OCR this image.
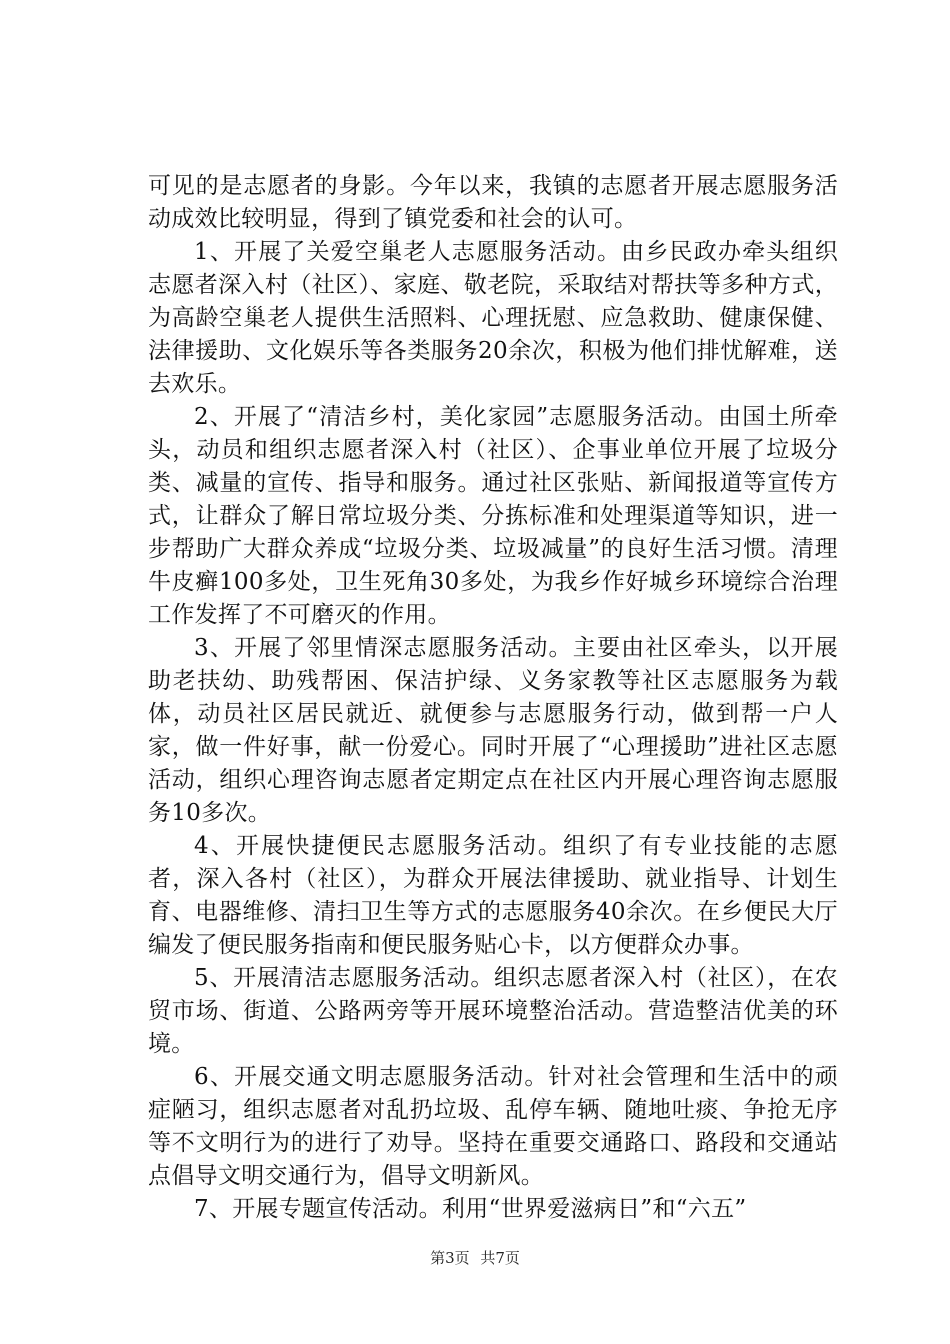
可见的是志愿者的身影。今年以来，我镇的志愿者开展志愿服务活动成效比较明显，得到了镇党委和社会的认可。

1、开展了关爱空巢老人志愿服务活动。由乡民政办牵头组织志愿者深入村（社区）、家庭、敬老院，采取结对帮扶等多种方式，为高龄空巢老人提供生活照料、心理抚慰、应急救助、健康保健、法律援助、文化娱乐等各类服务20余次，积极为他们排忧解难，送去欢乐。

2、开展了“清洁乡村，美化家园”志愿服务活动。由国土所牵头，动员和组织志愿者深入村（社区）、企事业单位开展了垃圾分类、减量的宣传、指导和服务。通过社区张贴、新闻报道等宣传方式，让群众了解日常垃圾分类、分拣标准和处理渠道等知识，进一步帮助广大群众养成“垃圾分类、垃圾减量”的良好生活习惯。清理牛皮癣100多处，卫生死角30多处，为我乡作好城乡环境综合治理工作发挥了不可磨灭的作用。

3、开展了邻里情深志愿服务活动。主要由社区牵头，以开展助老扶幼、助残帮困、保洁护绿、义务家教等社区志愿服务为载体，动员社区居民就近、就便参与志愿服务行动，做到帮一户人家，做一件好事，献一份爱心。同时开展了“心理援助”进社区志愿活动，组织心理咨询志愿者定期定点在社区内开展心理咨询志愿服务10多次。

4、开展快捷便民志愿服务活动。组织了有专业技能的志愿者，深入各村（社区），为群众开展法律援助、就业指导、计划生育、电器维修、清扫卫生等方式的志愿服务40余次。在乡便民大厅编发了便民服务指南和便民服务贴心卡，以方便群众办事。

5、开展清洁志愿服务活动。组织志愿者深入村（社区），在农贸市场、街道、公路两旁等开展环境整治活动。营造整洁优美的环境。

6、开展交通文明志愿服务活动。针对社会管理和生活中的顽症陋习，组织志愿者对乱扔垃圾、乱停车辆、随地吐痰、争抢无序等不文明行为的进行了劝导。坚持在重要交通路口、路段和交通站点倡导文明交通行为，倡导文明新风。

7、开展专题宣传活动。利用“世界爱滋病日”和“六五”

第3页 共7页
